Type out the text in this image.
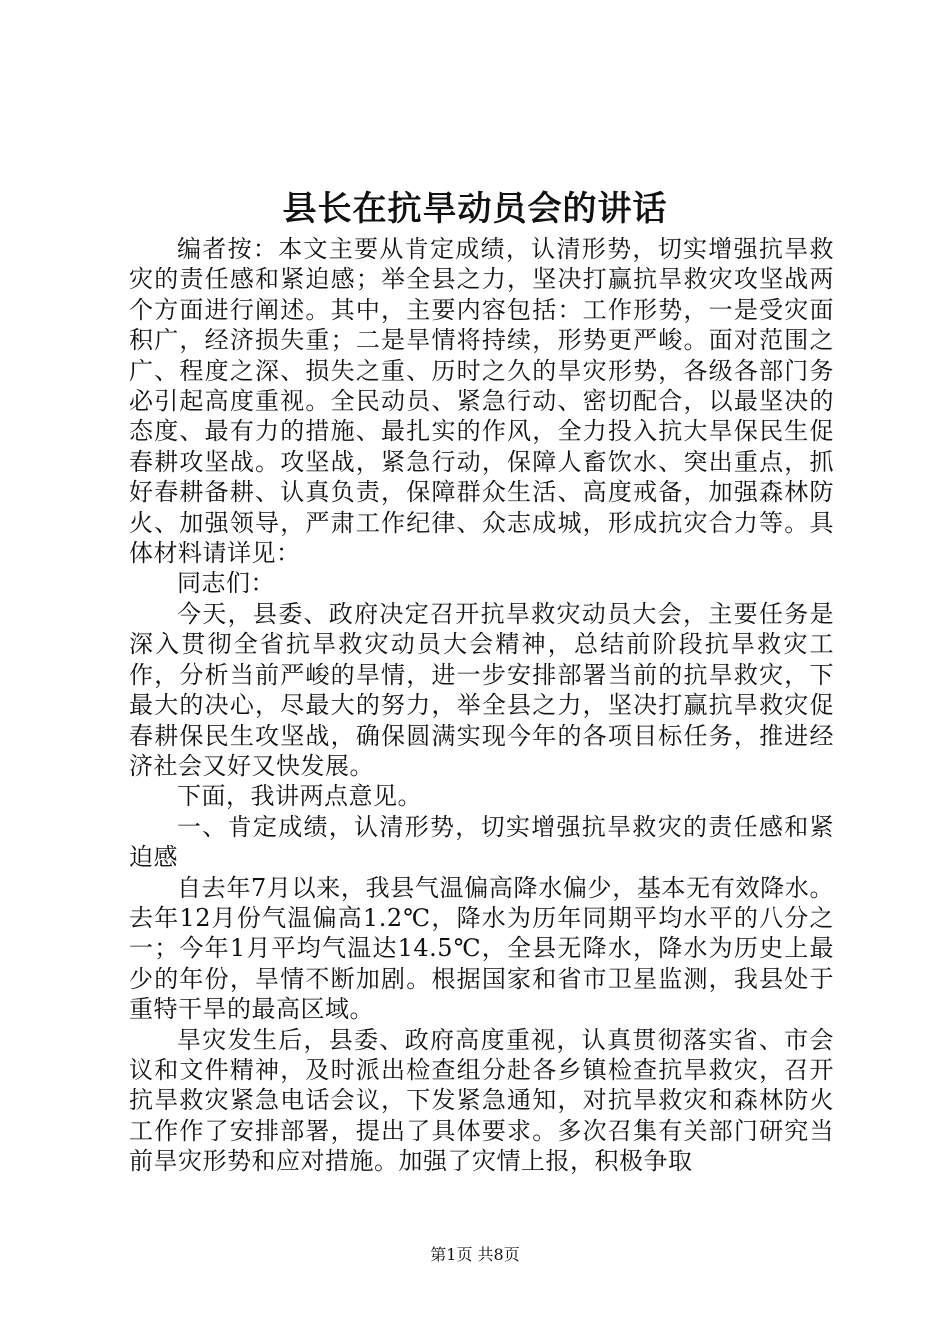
县长在抗旱动员会的讲话

编者按：本文主要从肯定成绩，认清形势，切实增强抗旱救灾的责任感和紧迫感；举全县之力，坚决打赢抗旱救灾攻坚战两个方面进行阐述。其中，主要内容包括：工作形势，一是受灾面积广，经济损失重；二是旱情将持续，形势更严峻。面对范围之广、程度之深、损失之重、历时之久的旱灾形势，各级各部门务必引起高度重视。全民动员、紧急行动、密切配合，以最坚决的态度、最有力的措施、最扎实的作风，全力投入抗大旱保民生促春耕攻坚战。攻坚战，紧急行动，保障人畜饮水、突出重点，抓好春耕备耕、认真负责，保障群众生活、高度戒备，加强森林防火、加强领导，严肃工作纪律、众志成城，形成抗灾合力等。具体材料请详见：

同志们：

今天，县委、政府决定召开抗旱救灾动员大会，主要任务是深入贯彻全省抗旱救灾动员大会精神，总结前阶段抗旱救灾工作，分析当前严峻的旱情，进一步安排部署当前的抗旱救灾，下最大的决心，尽最大的努力，举全县之力，坚决打赢抗旱救灾促春耕保民生攻坚战，确保圆满实现今年的各项目标任务，推进经济社会又好又快发展。

下面，我讲两点意见。

一、肯定成绩，认清形势，切实增强抗旱救灾的责任感和紧迫感

自去年7月以来，我县气温偏高降水偏少，基本无有效降水。去年12月份气温偏高1.2℃，降水为历年同期平均水平的八分之一；今年1月平均气温达14.5℃，全县无降水，降水为历史上最少的年份，旱情不断加剧。根据国家和省市卫星监测，我县处于重特干旱的最高区域。

旱灾发生后，县委、政府高度重视，认真贯彻落实省、市会议和文件精神，及时派出检查组分赴各乡镇检查抗旱救灾，召开抗旱救灾紧急电话会议，下发紧急通知，对抗旱救灾和森林防火工作作了安排部署，提出了具体要求。多次召集有关部门研究当前旱灾形势和应对措施。加强了灾情上报，积极争取

第1页 共8页
